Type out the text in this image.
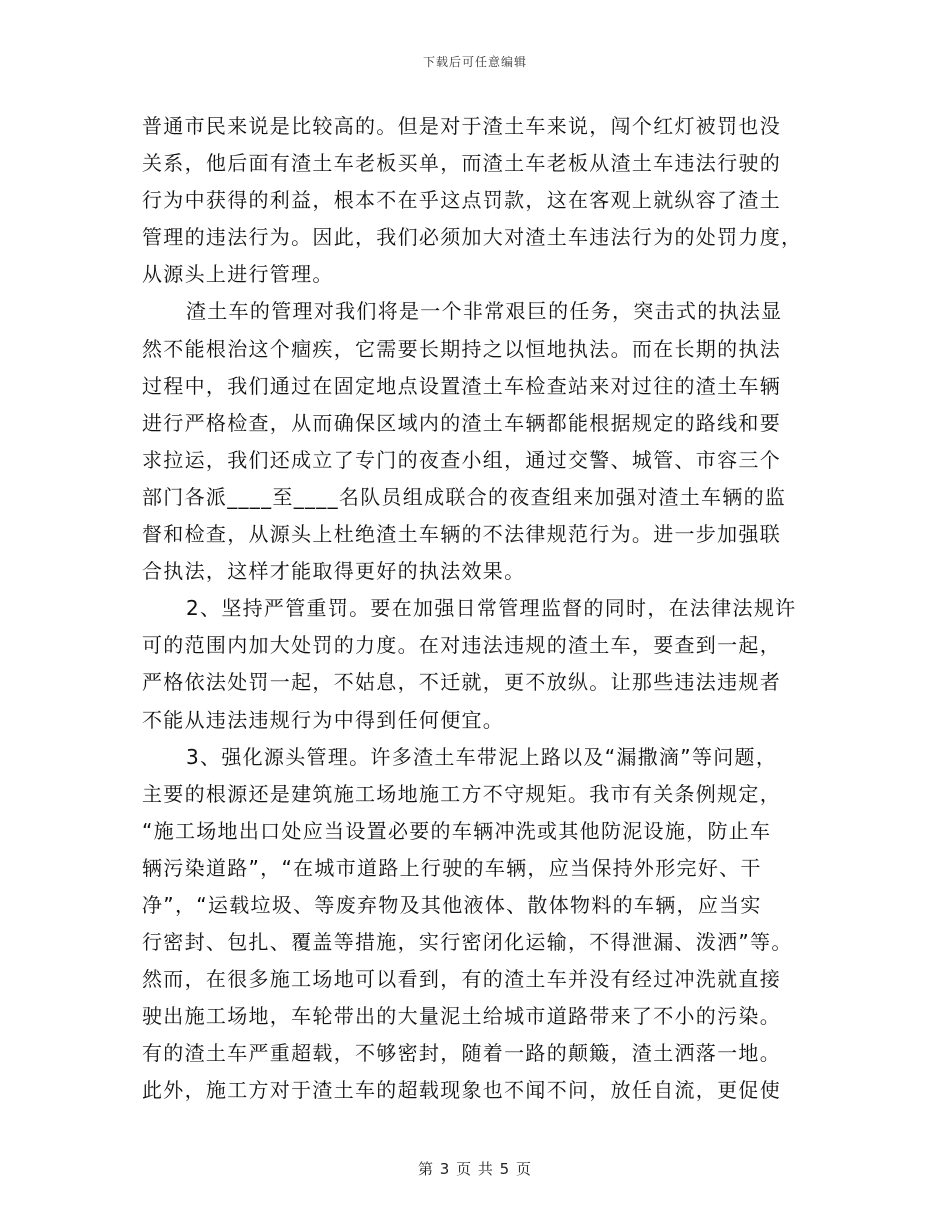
下载后可任意编辑
普通市民来说是比较高的。但是对于渣土车来说，闯个红灯被罚也没
关系，他后面有渣土车老板买单，而渣土车老板从渣土车违法行驶的
行为中获得的利益，根本不在乎这点罚款，这在客观上就纵容了渣土
管理的违法行为。因此，我们必须加大对渣土车违法行为的处罚力度，
从源头上进行管理。
渣土车的管理对我们将是一个非常艰巨的任务，突击式的执法显
然不能根治这个痼疾，它需要长期持之以恒地执法。而在长期的执法
过程中，我们通过在固定地点设置渣土车检查站来对过往的渣土车辆
进行严格检查，从而确保区域内的渣土车辆都能根据规定的路线和要
求拉运，我们还成立了专门的夜查小组，通过交警、城管、市容三个
部门各派____至____名队员组成联合的夜查组来加强对渣土车辆的监
督和检查，从源头上杜绝渣土车辆的不法律规范行为。进一步加强联
合执法，这样才能取得更好的执法效果。
2、坚持严管重罚。要在加强日常管理监督的同时，在法律法规许
可的范围内加大处罚的力度。在对违法违规的渣土车，要查到一起，
严格依法处罚一起，不姑息，不迁就，更不放纵。让那些违法违规者
不能从违法违规行为中得到任何便宜。
3、强化源头管理。许多渣土车带泥上路以及“漏撒滴”等问题，
主要的根源还是建筑施工场地施工方不守规矩。我市有关条例规定，
“施工场地出口处应当设置必要的车辆冲洗或其他防泥设施，防止车
辆污染道路”，“在城市道路上行驶的车辆，应当保持外形完好、干
净”，“运载垃圾、等废弃物及其他液体、散体物料的车辆，应当实
行密封、包扎、覆盖等措施，实行密闭化运输，不得泄漏、泼洒”等。
然而，在很多施工场地可以看到，有的渣土车并没有经过冲洗就直接
驶出施工场地，车轮带出的大量泥土给城市道路带来了不小的污染。
有的渣土车严重超载，不够密封，随着一路的颠簸，渣土洒落一地。
此外，施工方对于渣土车的超载现象也不闻不问，放任自流，更促使
第 3 页 共 5 页
